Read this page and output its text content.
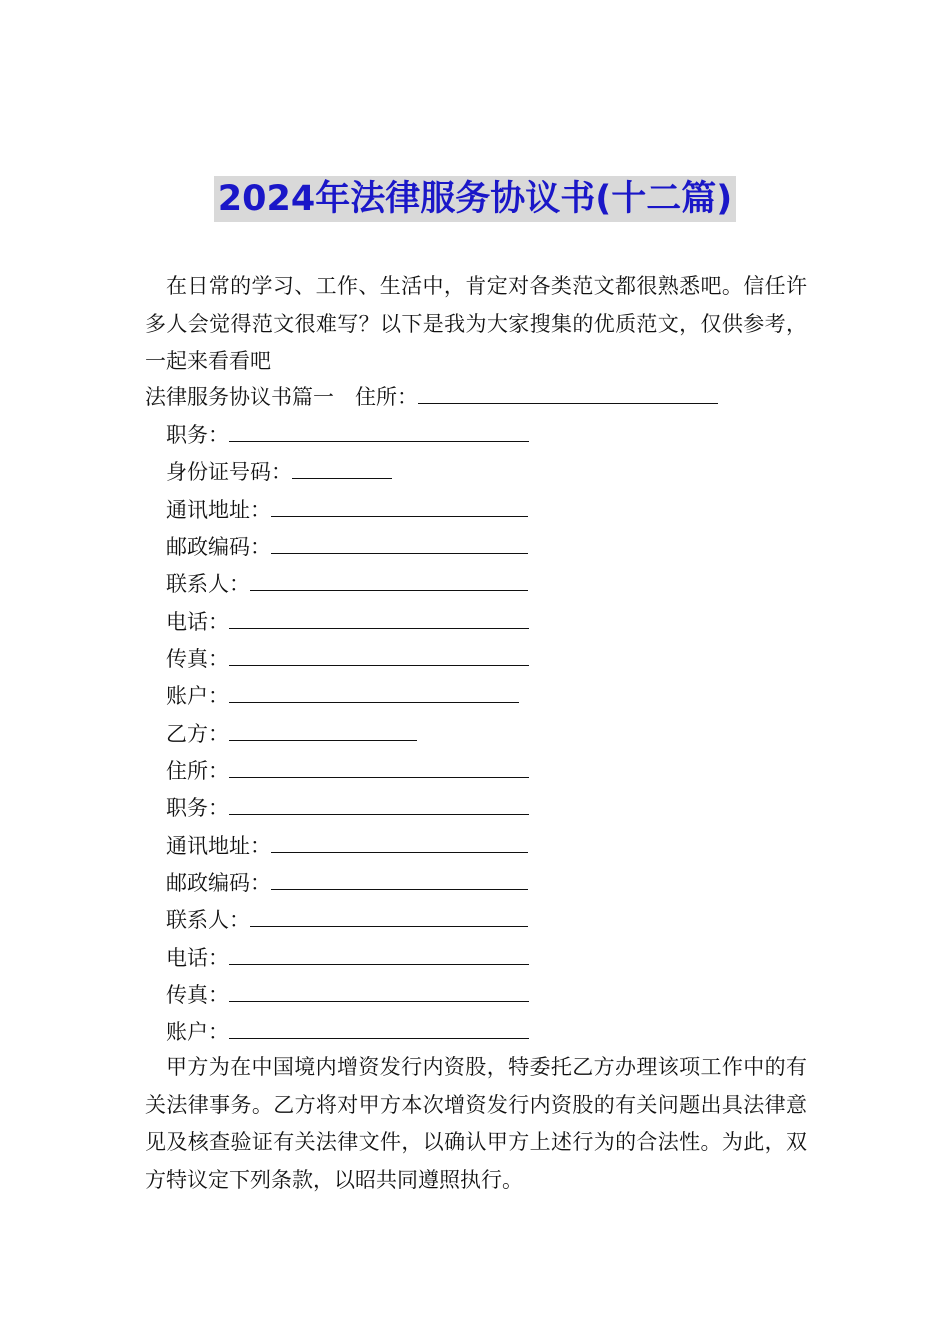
2024年法律服务协议书(十二篇)

在日常的学习、工作、生活中，肯定对各类范文都很熟悉吧。信任许多人会觉得范文很难写？以下是我为大家搜集的优质范文，仅供参考，一起来看看吧

法律服务协议书篇一 住所：
职务：
身份证号码：
通讯地址：
邮政编码：
联系人：
电话：
传真：
账户：
乙方：
住所：
职务：
通讯地址：
邮政编码：
联系人：
电话：
传真：
账户：

甲方为在中国境内增资发行内资股，特委托乙方办理该项工作中的有关法律事务。乙方将对甲方本次增资发行内资股的有关问题出具法律意见及核查验证有关法律文件，以确认甲方上述行为的合法性。为此，双方特议定下列条款，以昭共同遵照执行。
